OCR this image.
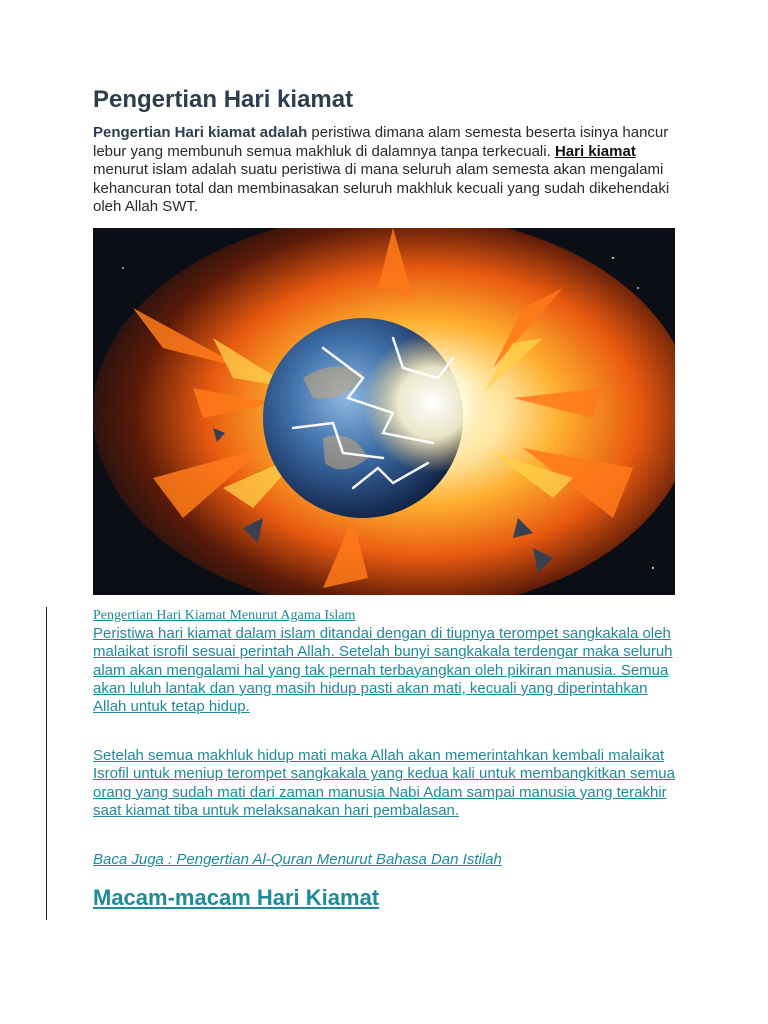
Pengertian Hari kiamat

Pengertian Hari kiamat adalah peristiwa dimana alam semesta beserta isinya hancur lebur yang membunuh semua makhluk di dalamnya tanpa terkecuali. Hari kiamat menurut islam adalah suatu peristiwa di mana seluruh alam semesta akan mengalami kehancuran total dan membinasakan seluruh makhluk kecuali yang sudah dikehendaki oleh Allah SWT.

Pengertian Hari Kiamat Menurut Agama Islam

Peristiwa hari kiamat dalam islam ditandai dengan di tiupnya terompet sangkakala oleh malaikat isrofil sesuai perintah Allah. Setelah bunyi sangkakala terdengar maka seluruh alam akan mengalami hal yang tak pernah terbayangkan oleh pikiran manusia. Semua akan luluh lantak dan yang masih hidup pasti akan mati, kecuali yang diperintahkan Allah untuk tetap hidup.

Setelah semua makhluk hidup mati maka Allah akan memerintahkan kembali malaikat Isrofil untuk meniup terompet sangkakala yang kedua kali untuk membangkitkan semua orang yang sudah mati dari zaman manusia Nabi Adam sampai manusia yang terakhir saat kiamat tiba untuk melaksanakan hari pembalasan.

Baca Juga : Pengertian Al-Quran Menurut Bahasa Dan Istilah

Macam-macam Hari Kiamat
